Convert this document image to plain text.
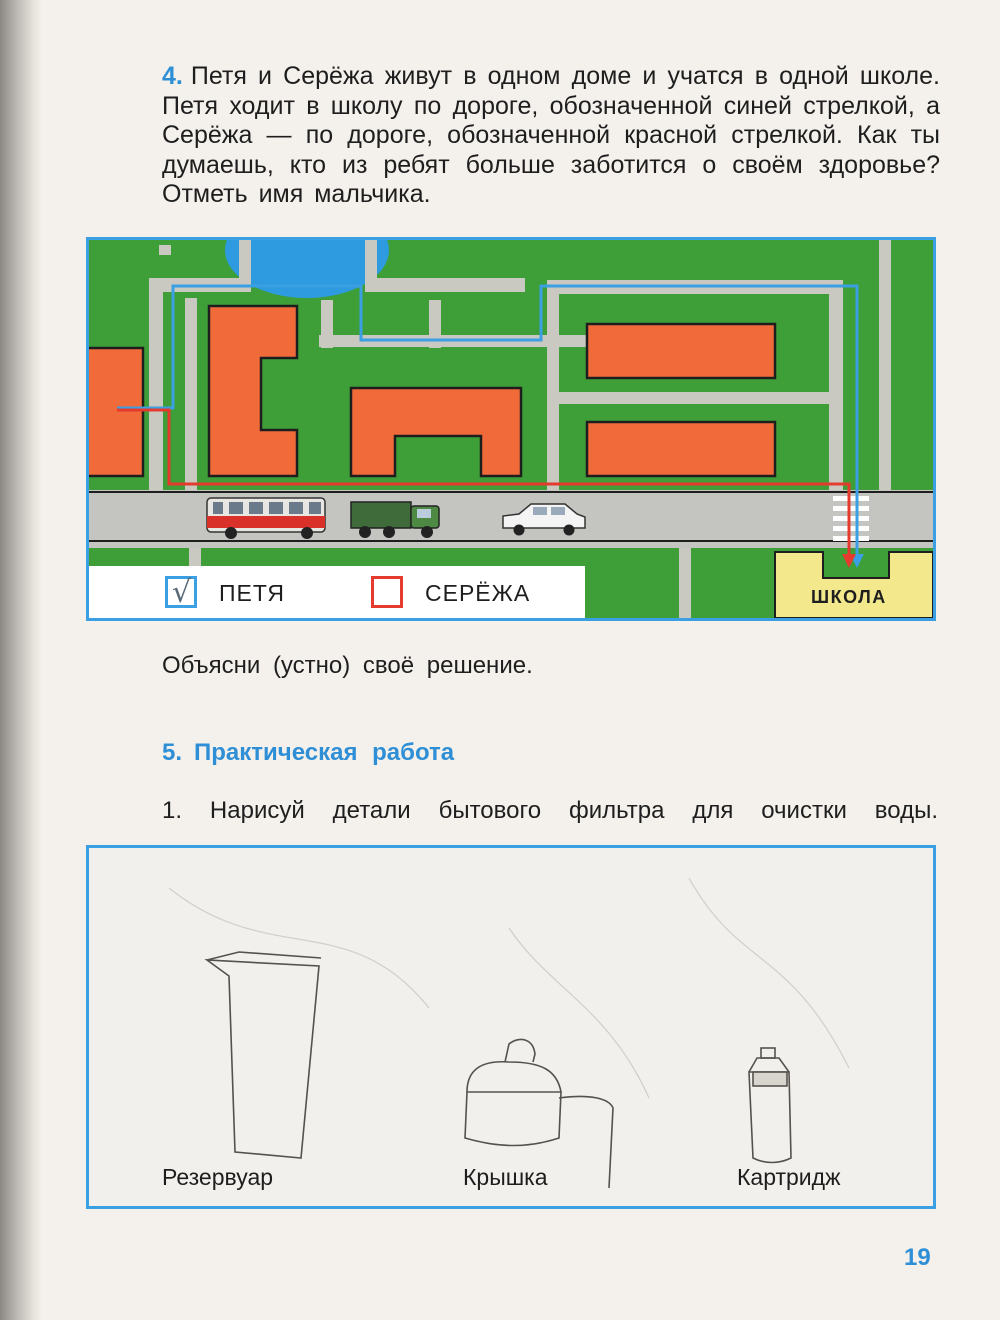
4. Петя и Серёжа живут в одном доме и учатся в одной школе. Петя ходит в школу по дороге, обозначенной синей стрелкой, а Серёжа — по дороге, обозначенной красной стрелкой. Как ты думаешь, кто из ребят больше заботится о своём здоровье? Отметь имя мальчика.
√ ПЕТЯ	СЕРЁЖА	ШКОЛА
Объясни (устно) своё решение.
5. Практическая работа
1. Нарисуй детали бытового фильтра для очистки воды.
Резервуар	Крышка	Картридж
19
